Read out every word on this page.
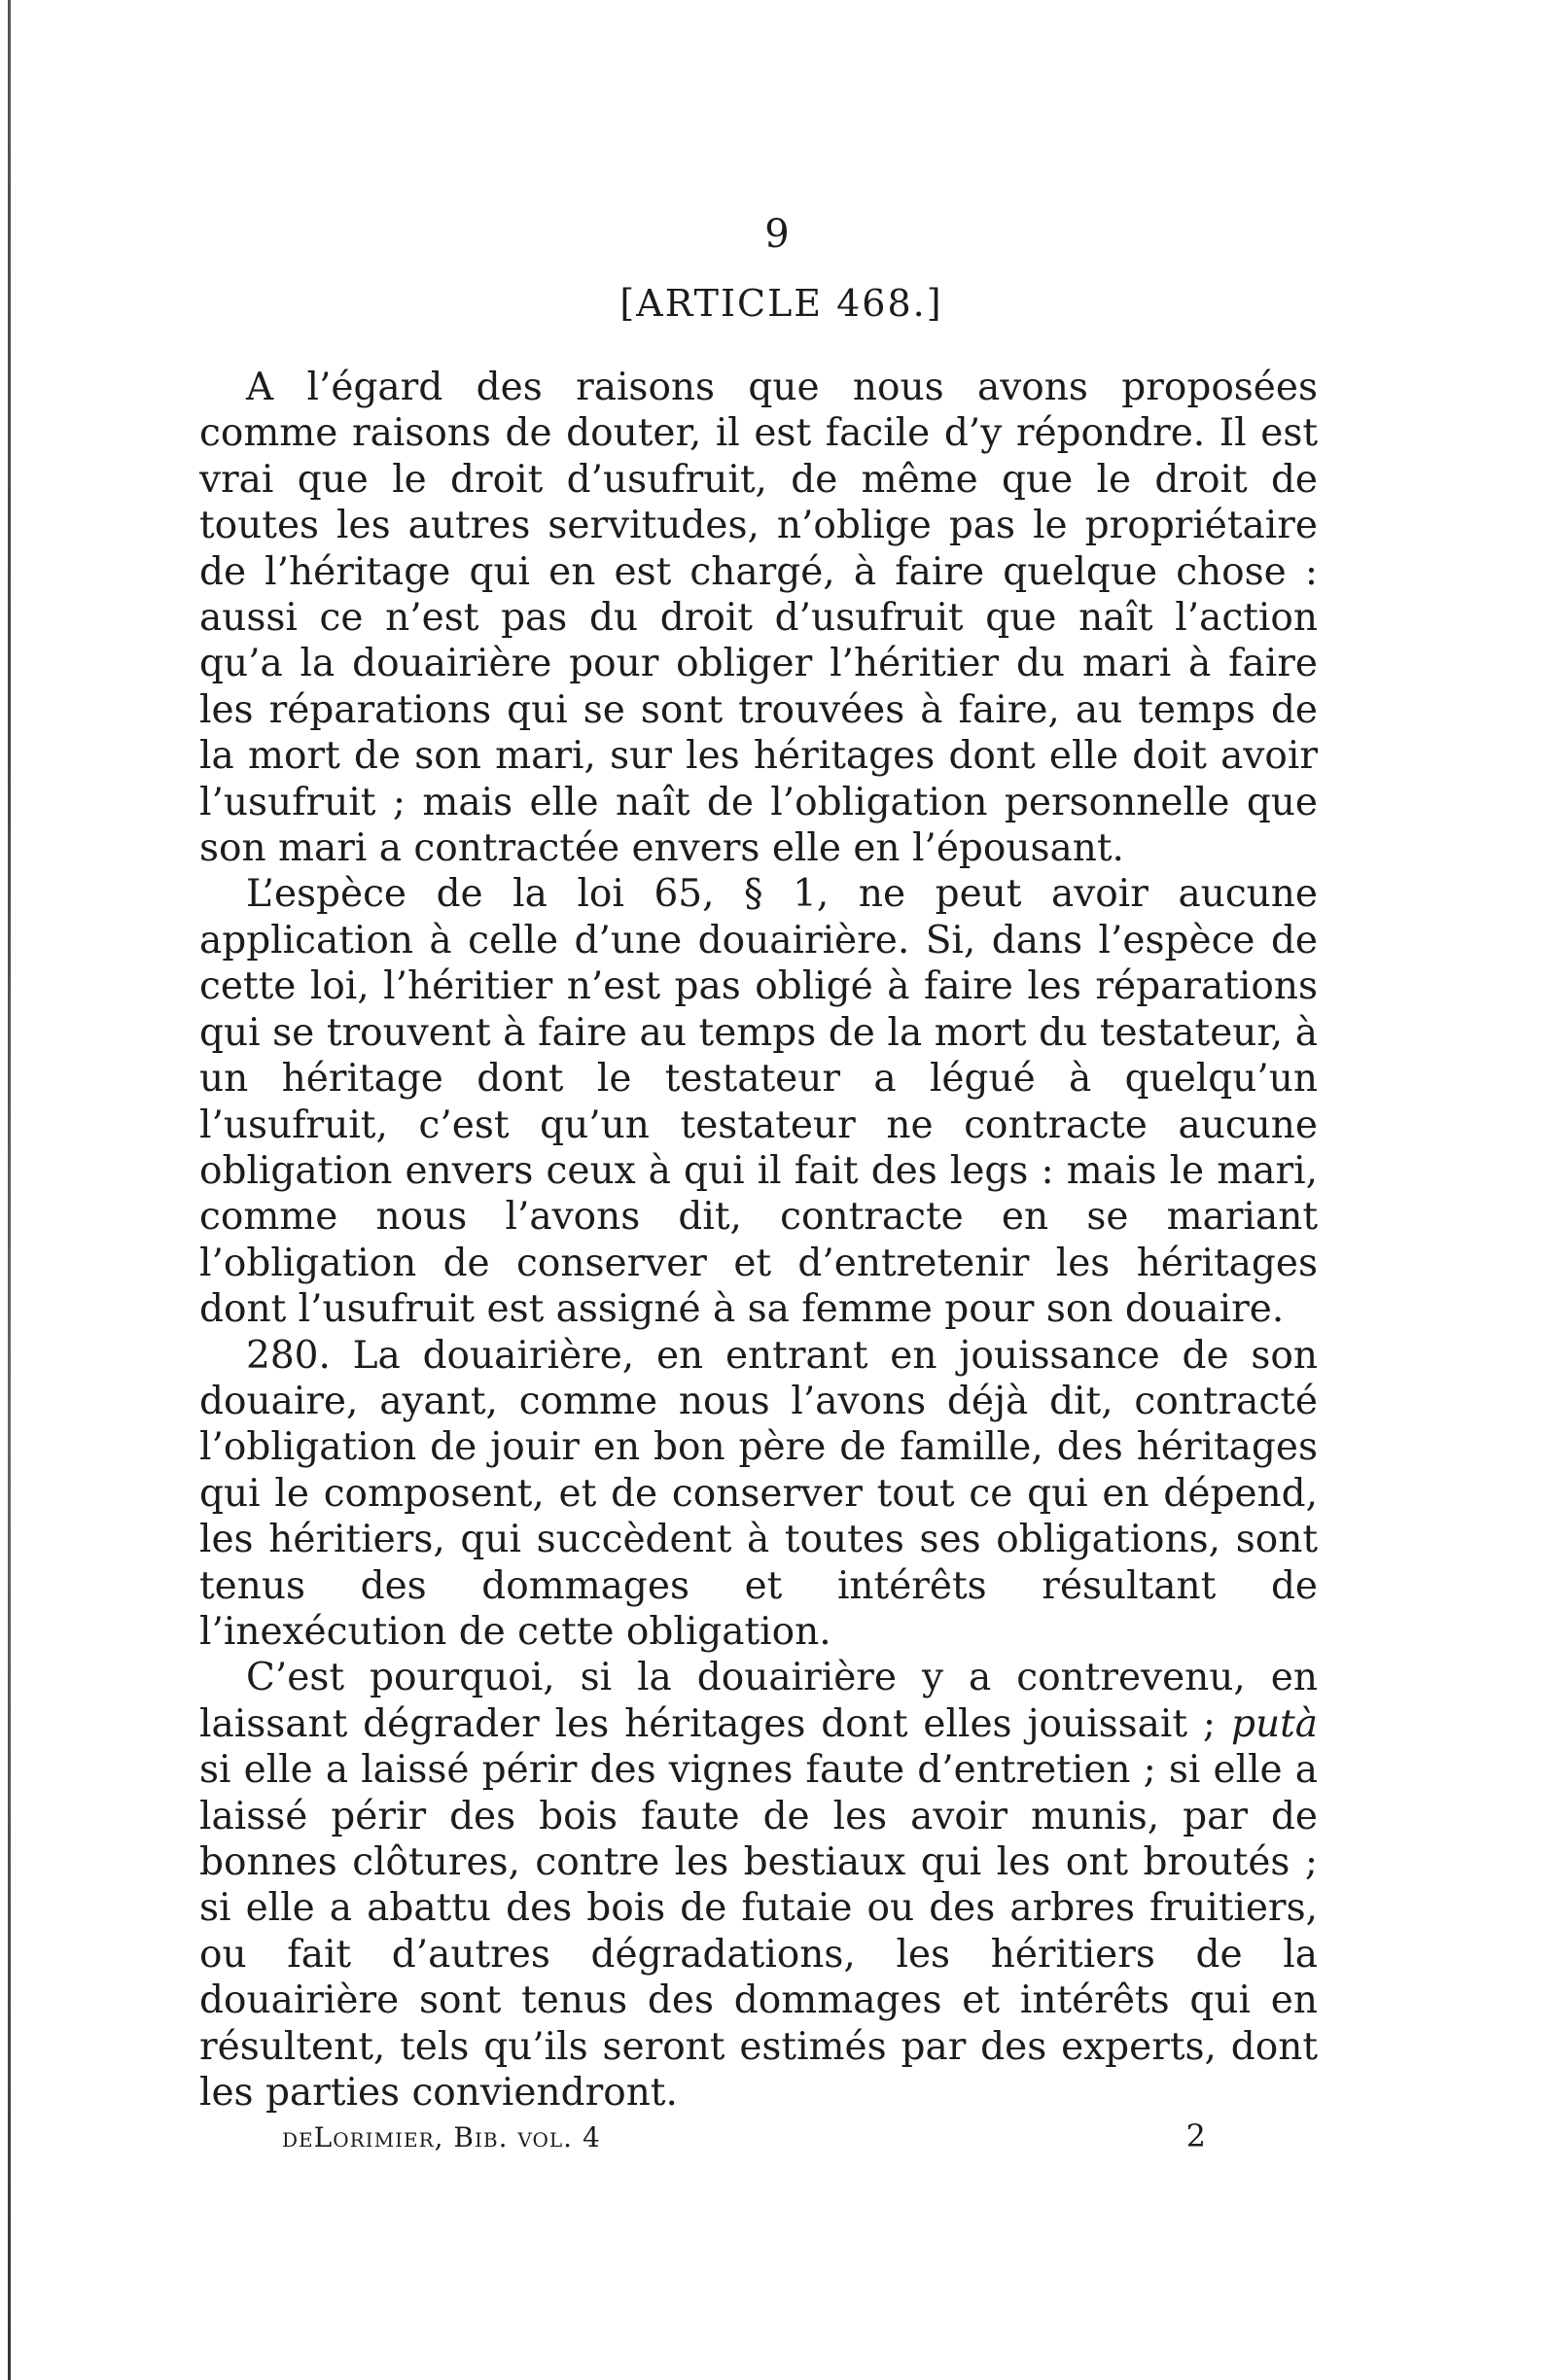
9
[ARTICLE 468.]

A l’égard des raisons que nous avons proposées comme raisons de douter, il est facile d’y répondre. Il est vrai que le droit d’usufruit, de même que le droit de toutes les autres servitudes, n’oblige pas le propriétaire de l’héritage qui en est chargé, à faire quelque chose : aussi ce n’est pas du droit d’usufruit que naît l’action qu’a la douairière pour obliger l’héritier du mari à faire les réparations qui se sont trouvées à faire, au temps de la mort de son mari, sur les héritages dont elle doit avoir l’usufruit ; mais elle naît de l’obligation personnelle que son mari a contractée envers elle en l’épousant.

L’espèce de la loi 65, § 1, ne peut avoir aucune application à celle d’une douairière. Si, dans l’espèce de cette loi, l’héritier n’est pas obligé à faire les réparations qui se trouvent à faire au temps de la mort du testateur, à un héritage dont le testateur a légué à quelqu’un l’usufruit, c’est qu’un testateur ne contracte aucune obligation envers ceux à qui il fait des legs : mais le mari, comme nous l’avons dit, contracte en se mariant l’obligation de conserver et d’entretenir les héritages dont l’usufruit est assigné à sa femme pour son douaire.

280. La douairière, en entrant en jouissance de son douaire, ayant, comme nous l’avons déjà dit, contracté l’obligation de jouir en bon père de famille, des héritages qui le composent, et de conserver tout ce qui en dépend, les héritiers, qui succèdent à toutes ses obligations, sont tenus des dommages et intérêts résultant de l’inexécution de cette obligation.

C’est pourquoi, si la douairière y a contrevenu, en laissant dégrader les héritages dont elles jouissait ; putà si elle a laissé périr des vignes faute d’entretien ; si elle a laissé périr des bois faute de les avoir munis, par de bonnes clôtures, contre les bestiaux qui les ont broutés ; si elle a abattu des bois de futaie ou des arbres fruitiers, ou fait d’autres dégradations, les héritiers de la douairière sont tenus des dommages et intérêts qui en résultent, tels qu’ils seront estimés par des experts, dont les parties conviendront.

deLorimier, Bib. vol. 4	2
